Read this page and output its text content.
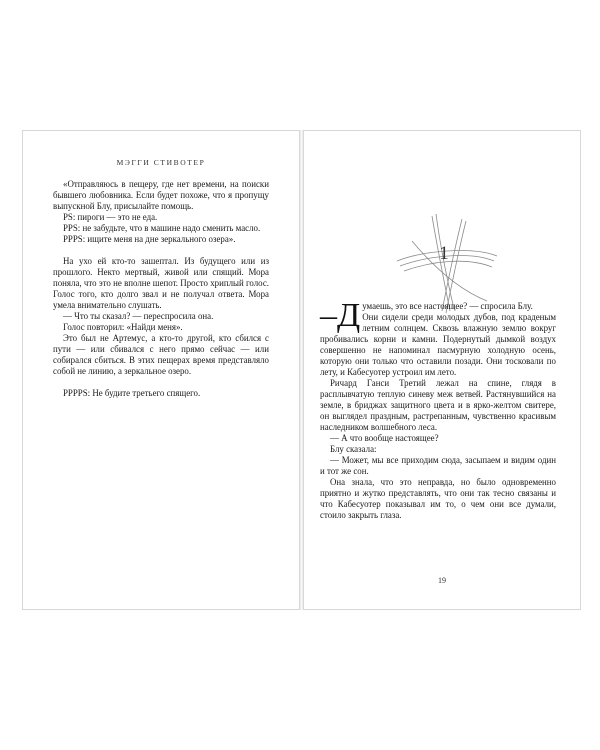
МЭГГИ СТИВОТЕР

«Отправляюсь в пещеру, где нет времени, на поиски бывшего любовника. Если будет похоже, что я пропущу выпускной Блу, присылайте помощь.

PS: пироги — это не еда.

PPS: не забудьте, что в машине надо сменить масло.

PPPS: ищите меня на дне зеркального озера».

На ухо ей кто-то зашептал. Из будущего или из прошлого. Некто мертвый, живой или спящий. Мора поняла, что это не вполне шепот. Просто хриплый голос. Голос того, кто долго звал и не получал ответа. Мора умела внимательно слушать.

— Что ты сказал? — переспросила она.

Голос повторил: «Найди меня».

Это был не Артемус, а кто-то другой, кто сбился с пути — или сбивался с него прямо сейчас — или собирался сбиться. В этих пещерах время представляло собой не линию, а зеркальное озеро.

PPPPS: Не будите третьего спящего.

1

–Д умаешь, это все настоящее? — спросила Блу.

Они сидели среди молодых дубов, под краденым летним солнцем. Сквозь влажную землю вокруг пробивались корни и камни. Подернутый дымкой воздух совершенно не напоминал пасмурную холодную осень, которую они только что оставили позади. Они тосковали по лету, и Кабесуотер устроил им лето.

Ричард Ганси Третий лежал на спине, глядя в расплывчатую теплую синеву меж ветвей. Растянувшийся на земле, в бриджах защитного цвета и в ярко-желтом свитере, он выглядел праздным, растрепанным, чувственно красивым наследником волшебного леса.

— А что вообще настоящее?

Блу сказала:

— Может, мы все приходим сюда, засыпаем и видим один и тот же сон.

Она знала, что это неправда, но было одновременно приятно и жутко представлять, что они так тесно связаны и что Кабесуотер показывал им то, о чем они все думали, стоило закрыть глаза.

19
